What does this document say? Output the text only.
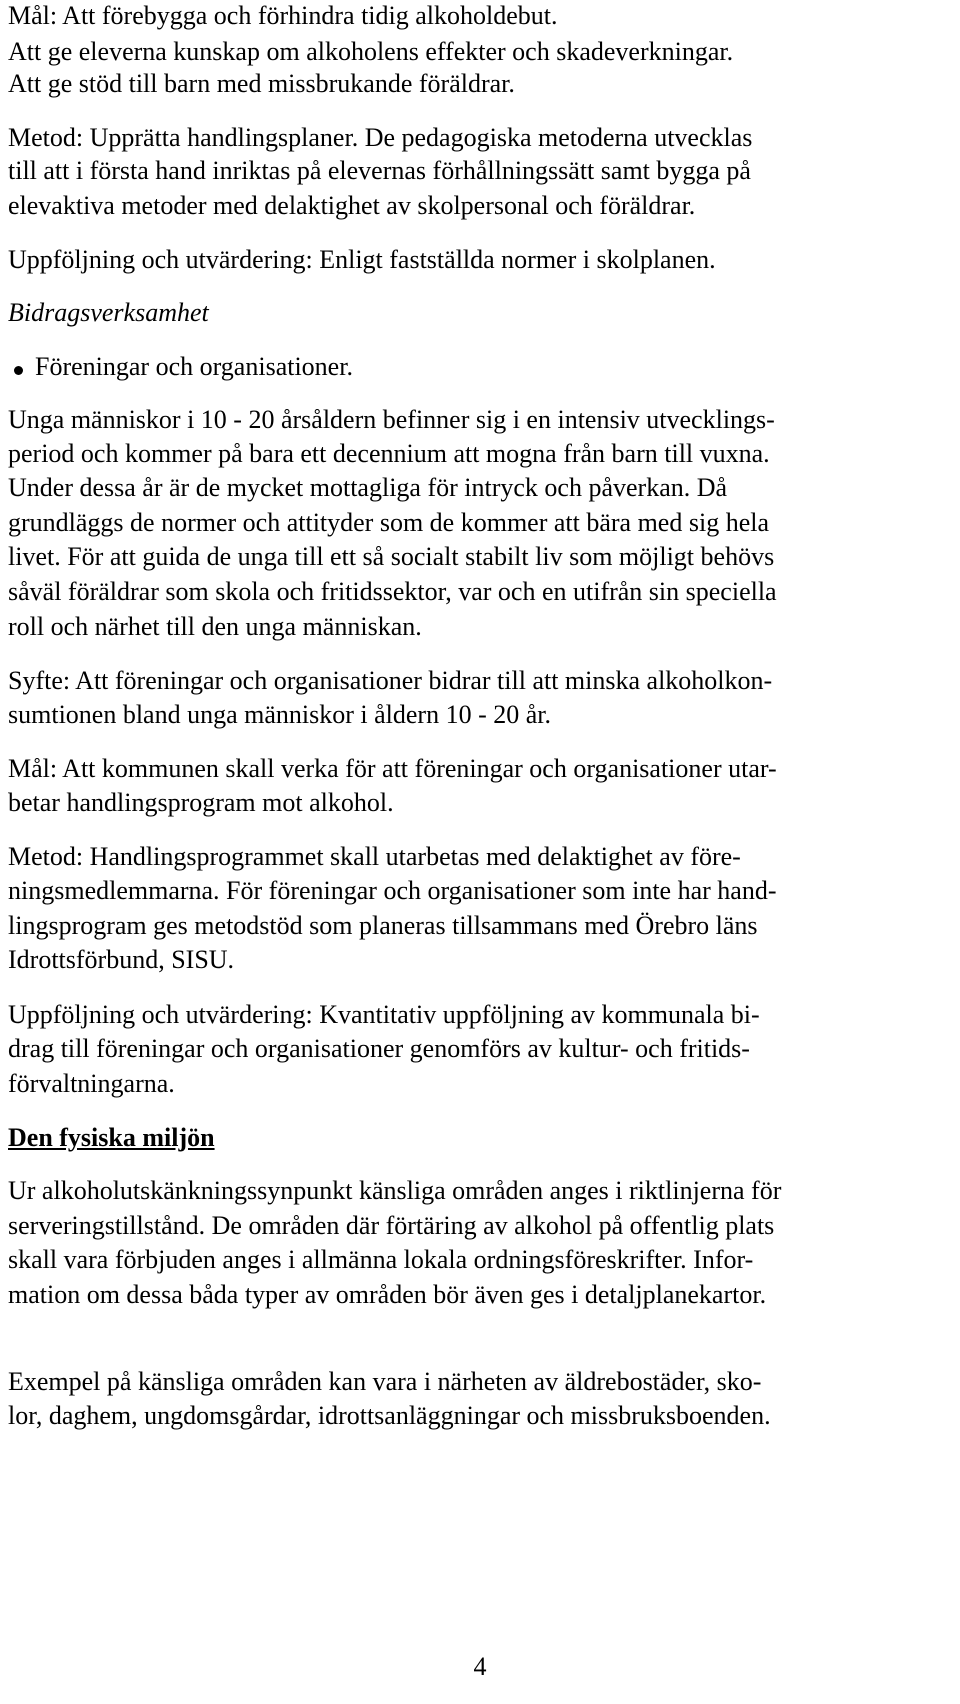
Mål: Att förebygga och förhindra tidig alkoholdebut.
Att ge eleverna kunskap om alkoholens effekter och skadeverkningar.
Att ge stöd till barn med missbrukande föräldrar.
Metod: Upprätta handlingsplaner. De pedagogiska metoderna utvecklas
till att i första hand inriktas på elevernas förhållningssätt samt bygga på
elevaktiva metoder med delaktighet av skolpersonal och föräldrar.
Uppföljning och utvärdering: Enligt fastställda normer i skolplanen.
Bidragsverksamhet
Föreningar och organisationer.
Unga människor i 10 - 20 årsåldern befinner sig i en intensiv utvecklings-
period och kommer på bara ett decennium att mogna från barn till vuxna.
Under dessa år är de mycket mottagliga för intryck och påverkan. Då
grundläggs de normer och attityder som de kommer att bära med sig hela
livet. För att guida de unga till ett så socialt stabilt liv som möjligt behövs
såväl föräldrar som skola och fritidssektor, var och en utifrån sin speciella
roll och närhet till den unga människan.
Syfte: Att föreningar och organisationer bidrar till att minska alkoholkon-
sumtionen bland unga människor i åldern 10 - 20 år.
Mål: Att kommunen skall verka för att föreningar och organisationer utar-
betar handlingsprogram mot alkohol.
Metod: Handlingsprogrammet skall utarbetas med delaktighet av före-
ningsmedlemmarna. För föreningar och organisationer som inte har hand-
lingsprogram ges metodstöd som planeras tillsammans med Örebro läns
Idrottsförbund, SISU.
Uppföljning och utvärdering: Kvantitativ uppföljning av kommunala bi-
drag till föreningar och organisationer genomförs av kultur- och fritids-
förvaltningarna.
Den fysiska miljön
Ur alkoholutskänkningssynpunkt känsliga områden anges i riktlinjerna för
serveringstillstånd. De områden där förtäring av alkohol på offentlig plats
skall vara förbjuden anges i allmänna lokala ordningsföreskrifter. Infor-
mation om dessa båda typer av områden bör även ges i detaljplanekartor.
Exempel på känsliga områden kan vara i närheten av äldrebostäder, sko-
lor, daghem, ungdomsgårdar, idrottsanläggningar och missbruksboenden.
4
